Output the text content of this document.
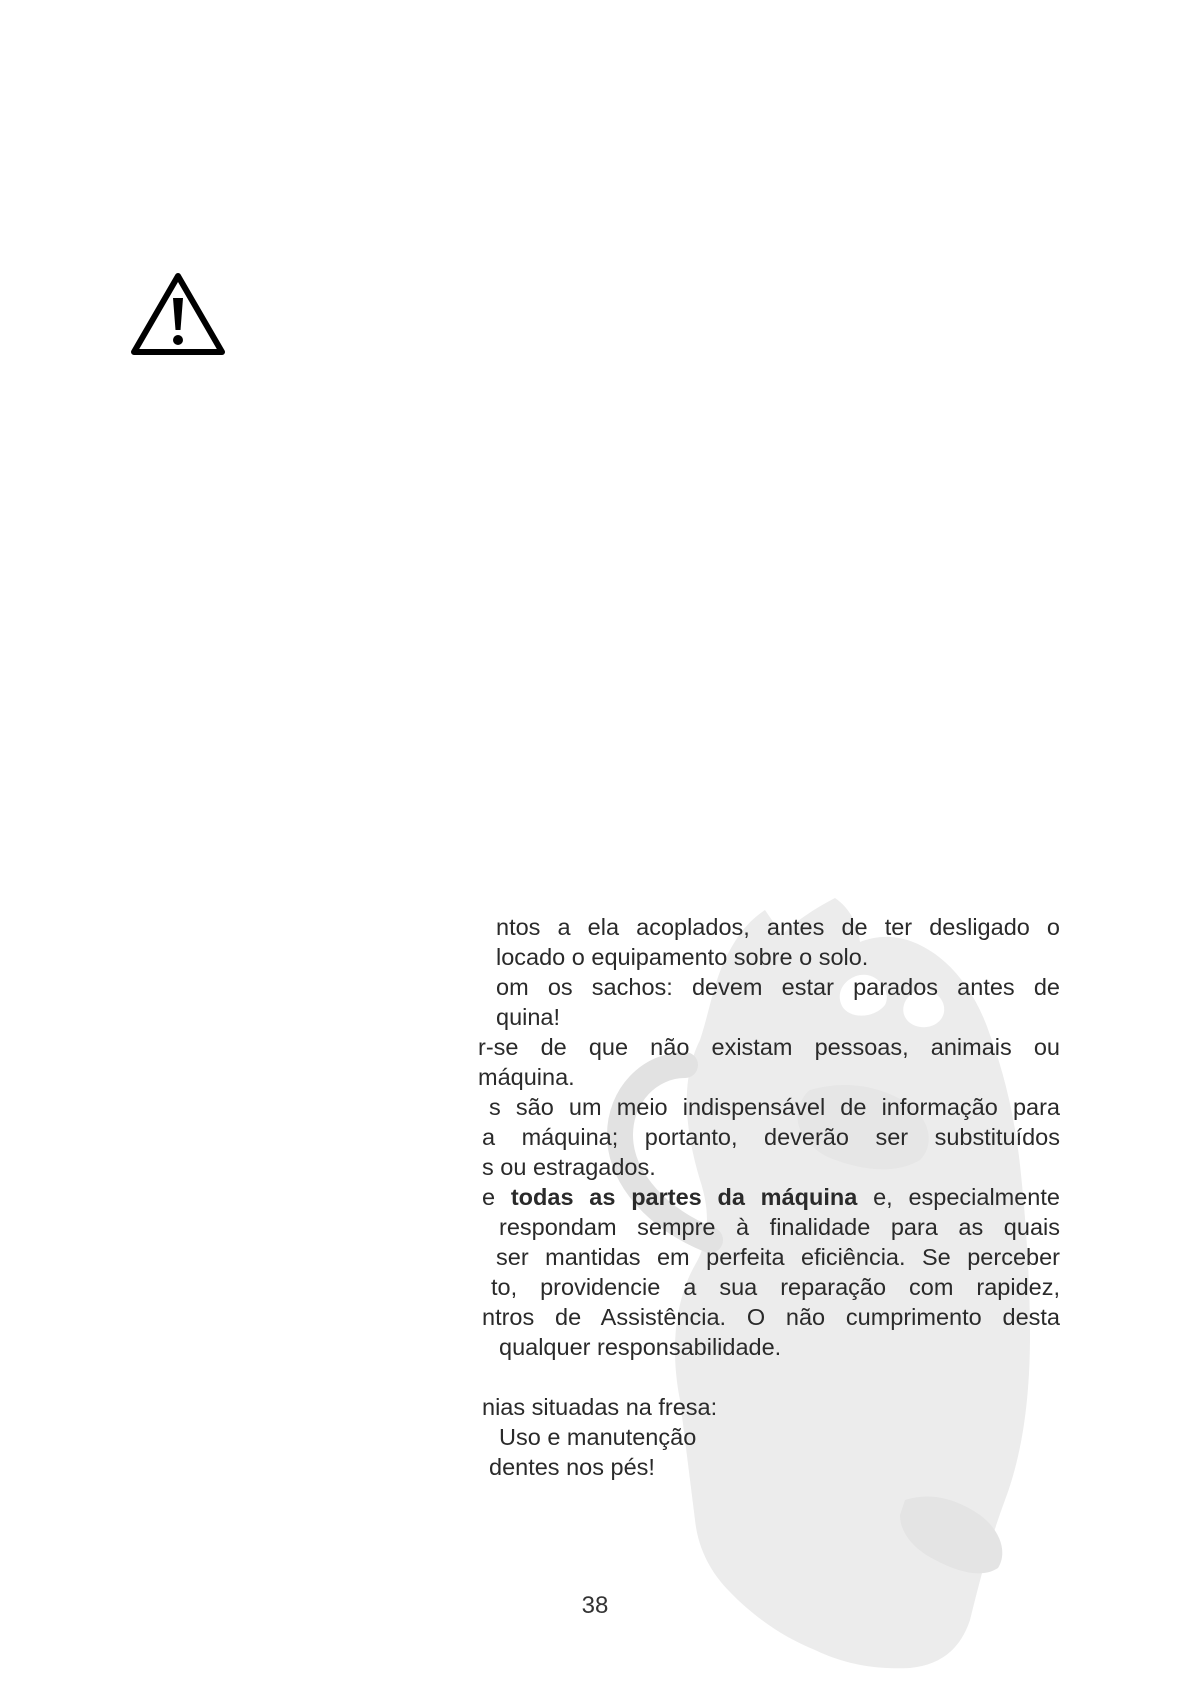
ntos a ela acoplados, antes de ter desligado o
locado o equipamento sobre o solo.
om os sachos: devem estar parados antes de
quina!
r-se de que não existam pessoas, animais ou
máquina.
s são um meio indispensável de informação para
a máquina; portanto, deverão ser substituídos
s ou estragados.
e todas as partes da máquina e, especialmente
respondam sempre à finalidade para as quais
ser mantidas em perfeita eficiência. Se perceber
to, providencie a sua reparação com rapidez,
ntros de Assistência. O não cumprimento desta
qualquer responsabilidade.
nias situadas na fresa:
Uso e manutenção
dentes nos pés!
38
